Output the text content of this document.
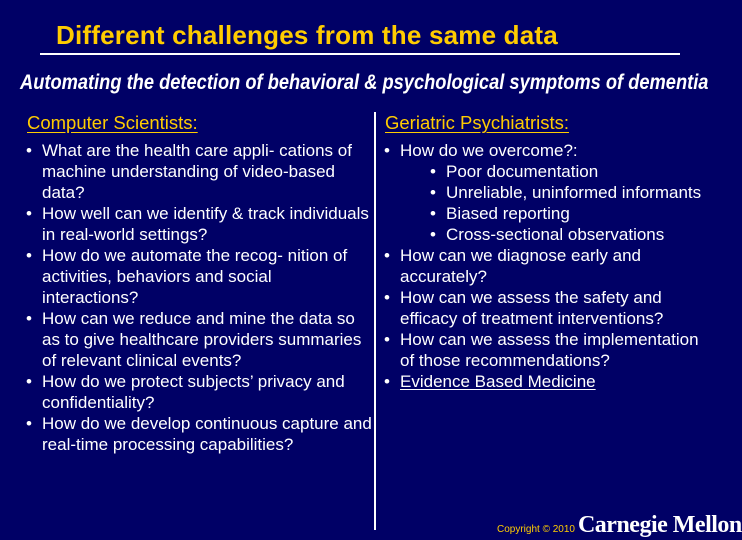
Different challenges from the same data
Automating the detection of behavioral & psychological symptoms of dementia
Computer Scientists:	Geriatric Psychiatrists:
• What are the health care appli- cations of machine understanding of video-based data?
• How well can we identify & track individuals in real-world settings?
• How do we automate the recog- nition of activities, behaviors and social interactions?
• How can we reduce and mine the data so as to give healthcare providers summaries of relevant clinical events?
• How do we protect subjects’ privacy and confidentiality?
• How do we develop continuous capture and real-time processing capabilities?
• How do we overcome?:
• Poor documentation
• Unreliable, uninformed informants
• Biased reporting
• Cross-sectional observations
• How can we diagnose early and accurately?
• How can we assess the safety and efficacy of treatment interventions?
• How can we assess the implementation of those recommendations?
• Evidence Based Medicine
Copyright © 2010 Carnegie Mellon
